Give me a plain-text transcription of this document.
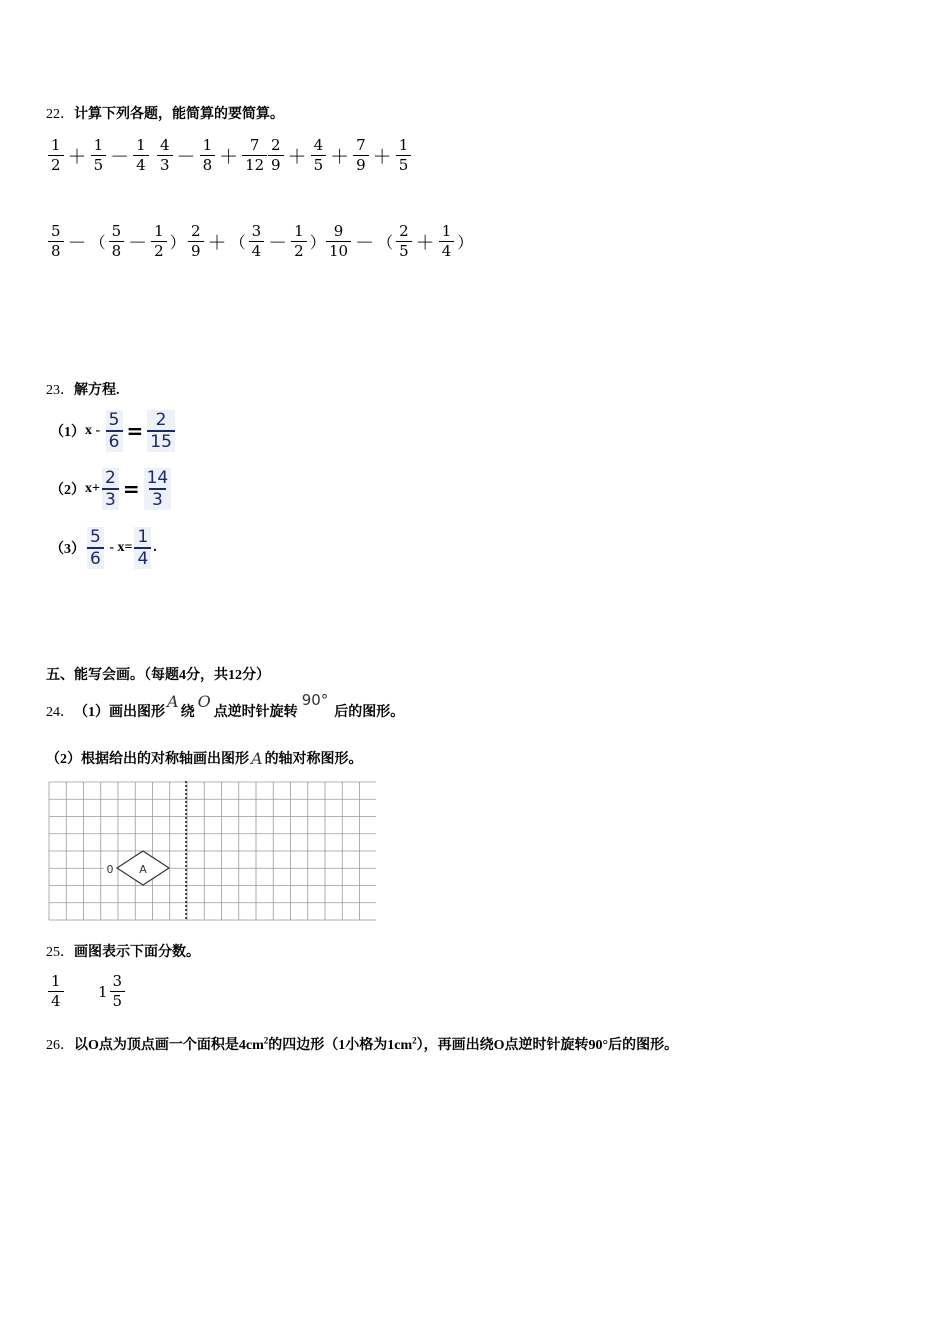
22．计算下列各题，能简算的要简算。
$\frac{1}{2} + \frac{1}{5} - \frac{1}{4} \frac{4}{3} - \frac{1}{8} + \frac{7}{12} \frac{2}{9} + \frac{4}{5} + \frac{7}{9} + \frac{1}{5}$
$\frac{5}{8}$ － （ $\frac{5}{8} - \frac{1}{2}$ ） $\frac{2}{9}$ ＋ （ $\frac{3}{4} - \frac{1}{2}$ ） $\frac{9}{10}$ － （ $\frac{2}{5} + \frac{1}{4}$ ）
23．解方程.
（1） $x - \frac{5}{6} = \frac{2}{15}$
（2） $x+ \frac{2}{3} = \frac{14}{3}$
$(3) \frac{5}{6} - x= \frac{1}{4}$ .
五、能写会画。（每题4分，共12分）
24． （1）画出图形
A
绕
O
点逆时针旋转
90°
后的图形。
（2）根据给出的对称轴画出图形 A 的轴对称图形。
A
0
25．画图表示下面分数。
$\frac{1}{4} 1 \frac{3}{5}$
26．以O点为顶点画一个面积是$4cm^2$的四边形（1小格为$1cm^2$），再画出绕O点逆时针旋转90°后的图形。
